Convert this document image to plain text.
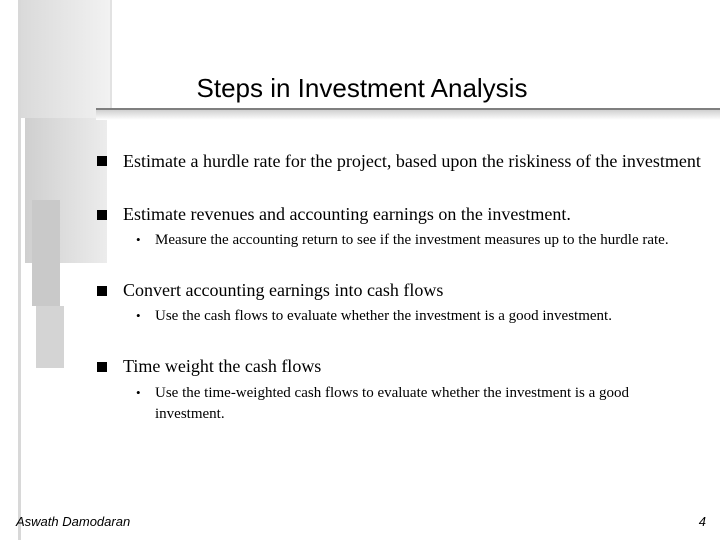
Steps in Investment Analysis
Estimate a hurdle rate for the project, based upon the riskiness of the investment
Estimate revenues and accounting earnings on the investment.
• Measure the accounting return to see if the investment measures up to the hurdle rate.
Convert accounting earnings into cash flows
• Use the cash flows to evaluate whether the investment is a good investment.
Time weight the cash flows
• Use the time-weighted cash flows to evaluate whether the investment is a good investment.
Aswath Damodaran	4
